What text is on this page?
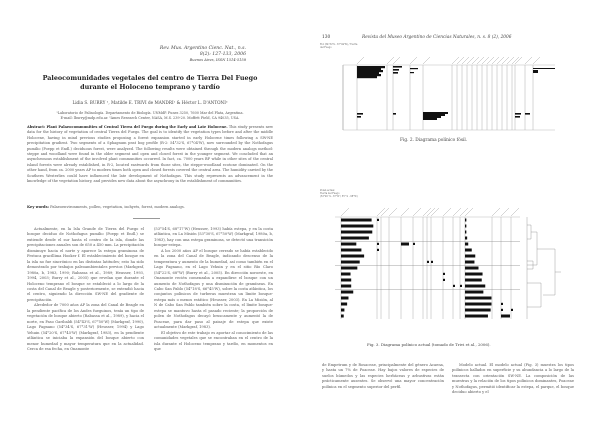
Rev. Mus. Argentino Cienc. Nat., n.s.
8(2): 127-133, 2006
Buenos Aires, ISSN 1514-5158
Paleocomunidades vegetales del centro de Tierra Del Fuego
durante el Holoceno temprano y tardío
Lidia S. BURRY ¹, Matilde E. TRIVI de MANDRI¹ & Héctor L. D'ANTONI²
¹Laboratorio de Palinología. Departamento de Biología. UNMdP. Funes 3250, 7600 Mar del Plata, Argentina.
E-mail: lburry@mdp.edu.ar. ²Ames Research Center, NASA, M.S. 239-20. Moffett Field, CA 94035, USA.
Abstract: Plant Palaeocommunities of Central Tierra del Fuego during the Early and Late Holocene. This study presents new data for the history of vegetation of central Tierra del Fuego. The goal is to identify the vegetation types before and after the middle Holocene, having in mind previous studies proposing a forest expansion started in early Holocene times following a SW-NE precipitation gradient. Two segments of a Sphagnum peat bog profile (R-2: 54°32'S, 67°04'W), now surrounded by the Nothofagus pumilio (Poepp et Endl.) deciduous forest, were analyzed. The following results were obtained through the modern analogs method: steppe and woodland were found in the older segment and open and closed forest in the younger segment. We concluded that an asynchronous establishment of the involved plant communities occurred. In fact, ca. 7000 years BP while in other sites of the central island forests were already established, in R-2, located eastwards from those sites, the steppe-woodland ecotone dominated. On the other hand, from ca. 2000 years AP to modern times both open and closed forests covered the central area. The humidity carried by the Southern Westerlies could have influenced the late development of Nothofagus. This study represents an advancement in the knowledge of the vegetation history, and provides new data about the asynchrony in the establishment of communities.
Key words: Palaeoenvironments, pollen, vegetation, isohyets, forest, modern analogs.

Actualmente, en la Isla Grande de Tierra del Fuego el bosque deciduo de Nothofagus pumilio (Poepp et Endl.) se extiende desde el sur hasta el centro de la isla, donde las precipitaciones anuales son de 650 a 450 mm. La precipitación disminuye hacia el norte y aparece la estepa graminosa de Festuca gracillima Hooker f. El establecimiento del bosque en la isla no fue sincrónico en las distintas latitudes; esto ha sido demostrado por trabajos paleoambientales previos (Markgraf, 1980a, b, 1983, 1990; Rabassa et al., 1989; Heusser, 1993, 1994, 2003; Burry et al., 2005) que revelan que durante el Holoceno temprano el bosque se estableció a lo largo de la costa del Canal de Beagle y posteriormente, se extendió hacia el centro, siguiendo la dirección SW-NE del gradiente de precipitación.

Alrededor de 7000 años AP la zona del Canal de Beagle en la pendiente pacífica de los Andes fueguinos, tenía un tipo de vegetación de bosque abierto (Rabassa et al., 1989), y hacia el norte, en Paso Garibaldi (54°43'S, 67°50'W) (Markgraf, 1990), Lago Fagnano (54°34'S, 67°31'W) (Heusser, 1994) y Lago Yehuin (54°20'S, 67°45'W) (Markgraf, 1983), en la pendiente atlántica se iniciaba la expansión del bosque abierto con menor humedad y mayor temperatura que en la actualidad. Cerca de esa fecha, en Onamonte

(53°54'S, 68°17'W) (Heusser, 1993) había estepa, y en la costa atlántica, en La Misión (53°30'S, 67°50'W) (Markgraf, 1980a, b, 1983), hay con una estepa graminosa, se detectó una transición bosque-estepa.

A los 2000 años AP el bosque cerrado se había establecido en la zona del Canal de Beagle, indicando descenso de la temperatura y aumento de la humedad, así como también en el Lago Fagnano, en el Lago Yehuin y en el sitio Río Claro (54°22'S, 68°W) (Burry et al., 2005). En dirección noroeste, en Onamonte recién comenzaba a expandirse el bosque con un aumento de Nothofagus y una disminución de gramíneas. En Cabo San Pablo (54°18'S, 66°45'W), sobre la costa atlántica, los conjuntos polínicos de turberas muestran un límite bosque-estepa más o menos estático (Heusser, 2003). En La Misión, al N de Cabo San Pablo también sobre la costa, el límite bosque-estepa se mantuvo hasta el pasado reciente; la proporción de polen de Nothofagus decayó bruscamente y aumentó la de Poaceae, para dar paso al paisaje de estepa que existe actualmente (Markgraf, 1983).

El objetivo de este trabajo es aportar al conocimiento de las comunidades vegetales que se encontraban en el centro de la isla durante el Holoceno temprano y tardío, en momentos en que

130	Revista del Museo Argentino de Ciencias Naturales, n. s. 8 (2), 2006
R-2 (54°32'S - 67°04'W) / Tierra del Fuego
Fig. 2. Diagrama polínico fósil.
Polen actual
Tierra del Fuego
(53°45' S - 67°W / 55° S - 68°W)
Fig. 3. Diagrama polínico actual (tomado de Trivi et al., 2006).

de Empetrum y de Rosaceae, principalmente del género Acaena, y hasta un 7% de Poaceae. Hay bajos valores de especies de suelos húmedos y las especies herbáceas y arbustivas están prácticamente ausentes. Se observó una mayor concentración polínica en el segmento superior del perfil.

Modelo actual. El modelo actual (Fig. 3) muestra los tipos polínicos hallados en superficie y su abundancia a lo largo de la transecta con orientación SW-NE. La composición de las muestras y la relación de los tipos polínicos dominantes, Poaceae y Nothofagus, permitió identificar la estepa, el parque, el bosque deciduo abierto y el
